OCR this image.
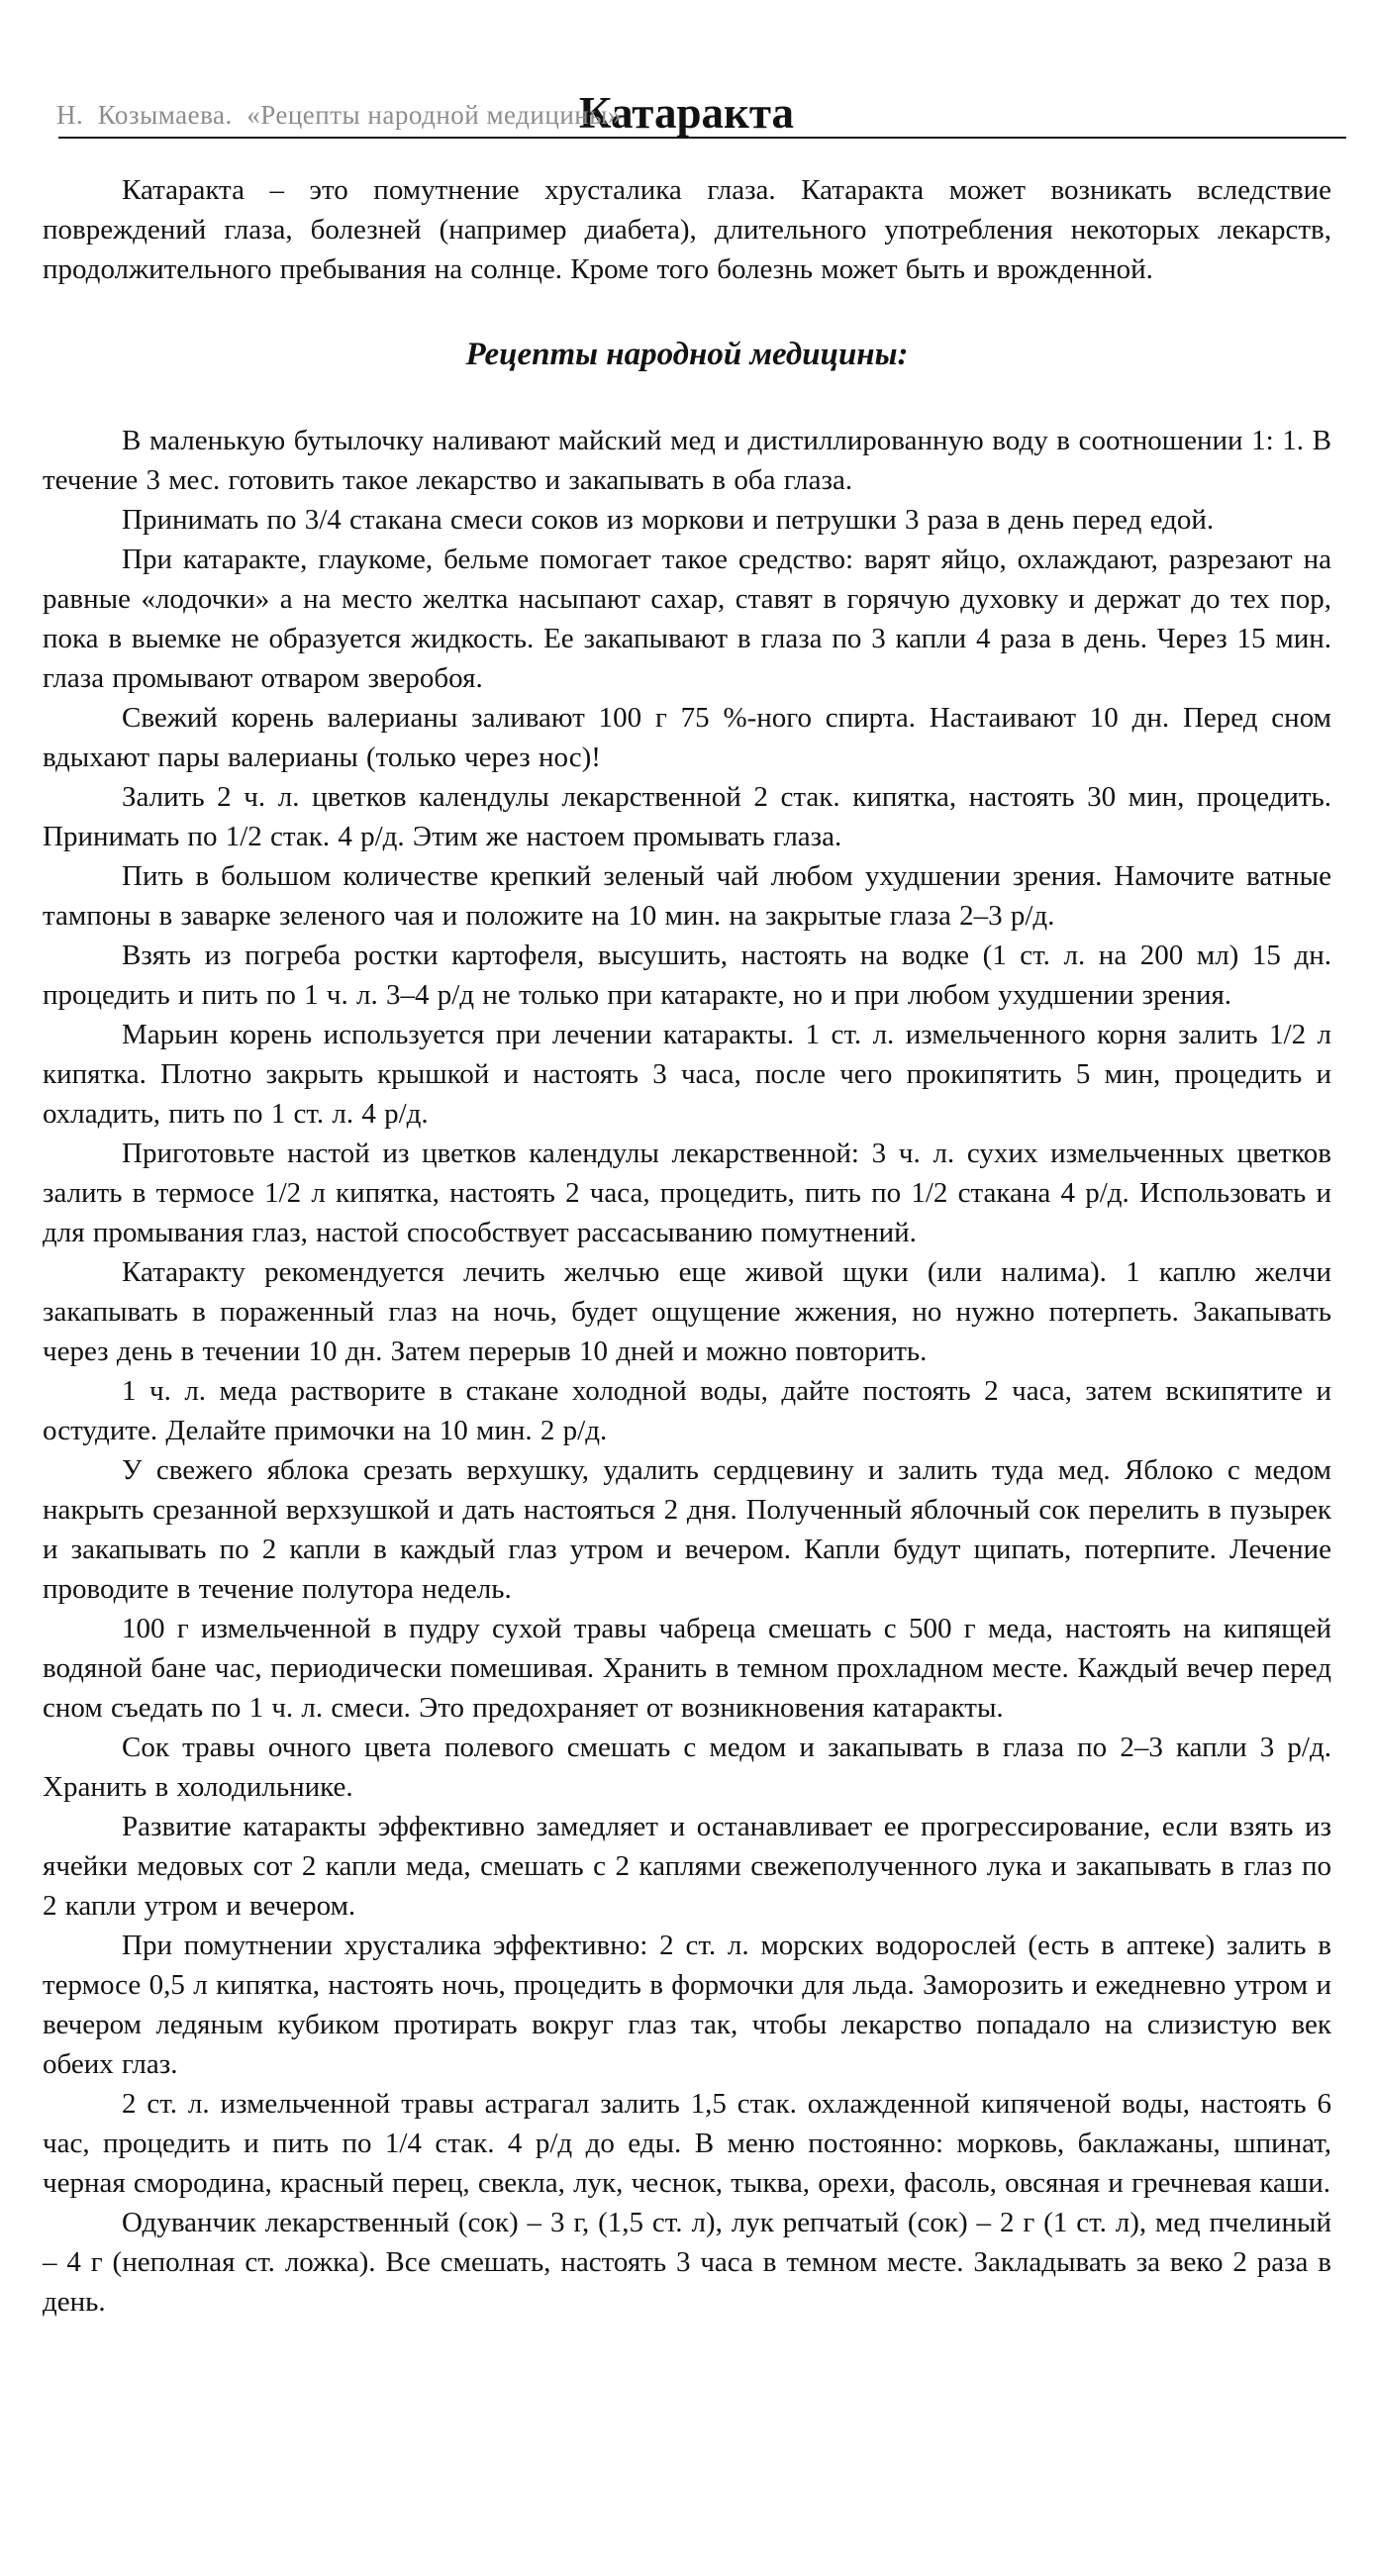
Н.  Козымаева.  «Рецепты народной медицины»
Катаракта

Катаракта – это помутнение хрусталика глаза. Катаракта может возникать вследствие повреждений глаза, болезней (например диабета), длительного употребления некоторых лекарств, продолжительного пребывания на солнце. Кроме того болезнь может быть и врожденной.

Рецепты народной медицины:

В маленькую бутылочку наливают майский мед и дистиллированную воду в соотношении 1: 1. В течение 3 мес. готовить такое лекарство и закапывать в оба глаза.

Принимать по 3/4 стакана смеси соков из моркови и петрушки 3 раза в день перед едой.

При катаракте, глаукоме, бельме помогает такое средство: варят яйцо, охлаждают, разрезают на равные «лодочки» а на место желтка насыпают сахар, ставят в горячую духовку и держат до тех пор, пока в выемке не образуется жидкость. Ее закапывают в глаза по 3 капли 4 раза в день. Через 15 мин. глаза промывают отваром зверобоя.

Свежий корень валерианы заливают 100 г 75 %-ного спирта. Настаивают 10 дн. Перед сном вдыхают пары валерианы (только через нос)!

Залить 2 ч. л. цветков календулы лекарственной 2 стак. кипятка, настоять 30 мин, процедить. Принимать по 1/2 стак. 4 р/д. Этим же настоем промывать глаза.

Пить в большом количестве крепкий зеленый чай любом ухудшении зрения. Намочите ватные тампоны в заварке зеленого чая и положите на 10 мин. на закрытые глаза 2–3 р/д.

Взять из погреба ростки картофеля, высушить, настоять на водке (1 ст. л. на 200 мл) 15 дн. процедить и пить по 1 ч. л. 3–4 р/д не только при катаракте, но и при любом ухудшении зрения.

Марьин корень используется при лечении катаракты. 1 ст. л. измельченного корня залить 1/2 л кипятка. Плотно закрыть крышкой и настоять 3 часа, после чего прокипятить 5 мин, процедить и охладить, пить по 1 ст. л. 4 р/д.

Приготовьте настой из цветков календулы лекарственной: 3 ч. л. сухих измельченных цветков залить в термосе 1/2 л кипятка, настоять 2 часа, процедить, пить по 1/2 стакана 4 р/д. Использовать и для промывания глаз, настой способствует рассасыванию помутнений.

Катаракту рекомендуется лечить желчью еще живой щуки (или налима). 1 каплю желчи закапывать в пораженный глаз на ночь, будет ощущение жжения, но нужно потерпеть. Закапывать через день в течении 10 дн. Затем перерыв 10 дней и можно повторить.

1 ч. л. меда растворите в стакане холодной воды, дайте постоять 2 часа, затем вскипятите и остудите. Делайте примочки на 10 мин. 2 р/д.

У свежего яблока срезать верхушку, удалить сердцевину и залить туда мед. Яблоко с медом накрыть срезанной верхзушкой и дать настояться 2 дня. Полученный яблочный сок перелить в пузырек и закапывать по 2 капли в каждый глаз утром и вечером. Капли будут щипать, потерпите. Лечение проводите в течение полутора недель.

100 г измельченной в пудру сухой травы чабреца смешать с 500 г меда, настоять на кипящей водяной бане час, периодически помешивая. Хранить в темном прохладном месте. Каждый вечер перед сном съедать по 1 ч. л. смеси. Это предохраняет от возникновения катаракты.

Сок травы очного цвета полевого смешать с медом и закапывать в глаза по 2–3 капли 3 р/д. Хранить в холодильнике.

Развитие катаракты эффективно замедляет и останавливает ее прогрессирование, если взять из ячейки медовых сот 2 капли меда, смешать с 2 каплями свежеполученного лука и закапывать в глаз по 2 капли утром и вечером.

При помутнении хрусталика эффективно: 2 ст. л. морских водорослей (есть в аптеке) залить в термосе 0,5 л кипятка, настоять ночь, процедить в формочки для льда. Заморозить и ежедневно утром и вечером ледяным кубиком протирать вокруг глаз так, чтобы лекарство попадало на слизистую век обеих глаз.

2 ст. л. измельченной травы астрагал залить 1,5 стак. охлажденной кипяченой воды, настоять 6 час, процедить и пить по 1/4 стак. 4 р/д до еды. В меню постоянно: морковь, баклажаны, шпинат, черная смородина, красный перец, свекла, лук, чеснок, тыква, орехи, фасоль, овсяная и гречневая каши.

Одуванчик лекарственный (сок) – 3 г, (1,5 ст. л), лук репчатый (сок) – 2 г (1 ст. л), мед пчелиный – 4 г (неполная ст. ложка). Все смешать, настоять 3 часа в темном месте. Закладывать за веко 2 раза в день.
